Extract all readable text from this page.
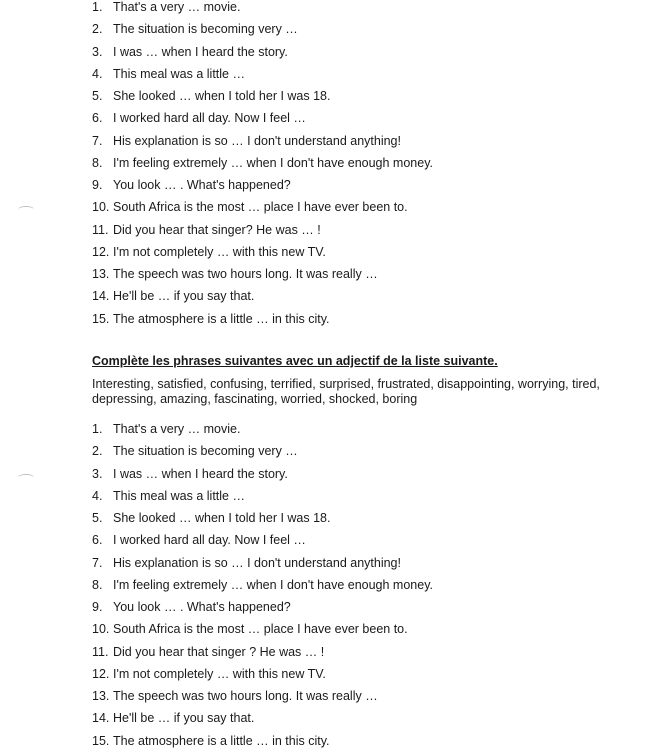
1. That's a very … movie.
2. The situation is becoming very …
3. I was … when I heard the story.
4. This meal was a little …
5. She looked … when I told her I was 18.
6. I worked hard all day. Now I feel …
7. His explanation is so … I don't understand anything!
8. I'm feeling extremely … when I don't have enough money.
9. You look … . What's happened?
10. South Africa is the most … place I have ever been to.
11. Did you hear that singer? He was … !
12. I'm not completely … with this new TV.
13. The speech was two hours long. It was really …
14. He'll be … if you say that.
15. The atmosphere is a little … in this city.
Complète les phrases suivantes avec un adjectif de la liste suivante.
Interesting, satisfied, confusing, terrified, surprised, frustrated, disappointing, worrying, tired, depressing, amazing, fascinating, worried, shocked, boring
1. That's a very … movie.
2. The situation is becoming very …
3. I was … when I heard the story.
4. This meal was a little …
5. She looked … when I told her I was 18.
6. I worked hard all day. Now I feel …
7. His explanation is so … I don't understand anything!
8. I'm feeling extremely … when I don't have enough money.
9. You look … . What's happened?
10. South Africa is the most … place I have ever been to.
11. Did you hear that singer ? He was … !
12. I'm not completely … with this new TV.
13. The speech was two hours long. It was really …
14. He'll be … if you say that.
15. The atmosphere is a little … in this city.
